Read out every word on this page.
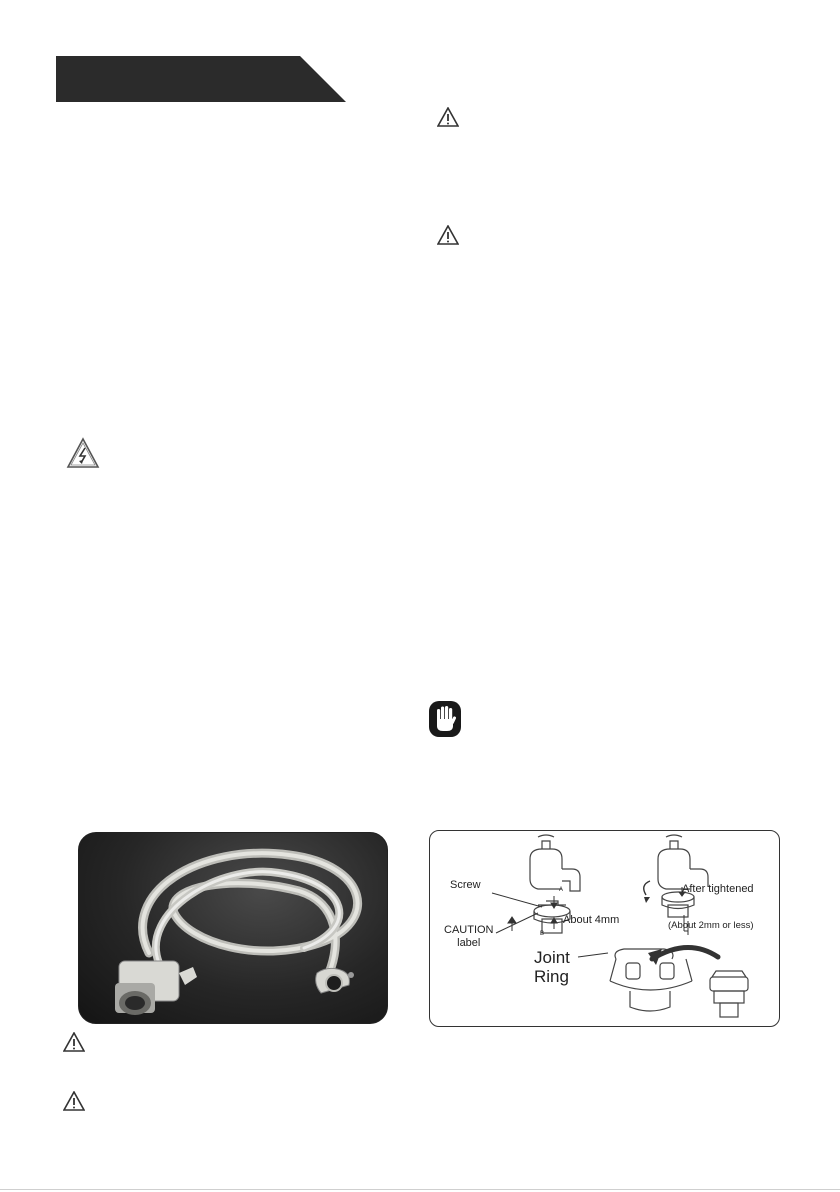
Screw
About 4mm
CAUTION
label
After tightened
(About 2mm or less)
Joint
Ring
A
B
